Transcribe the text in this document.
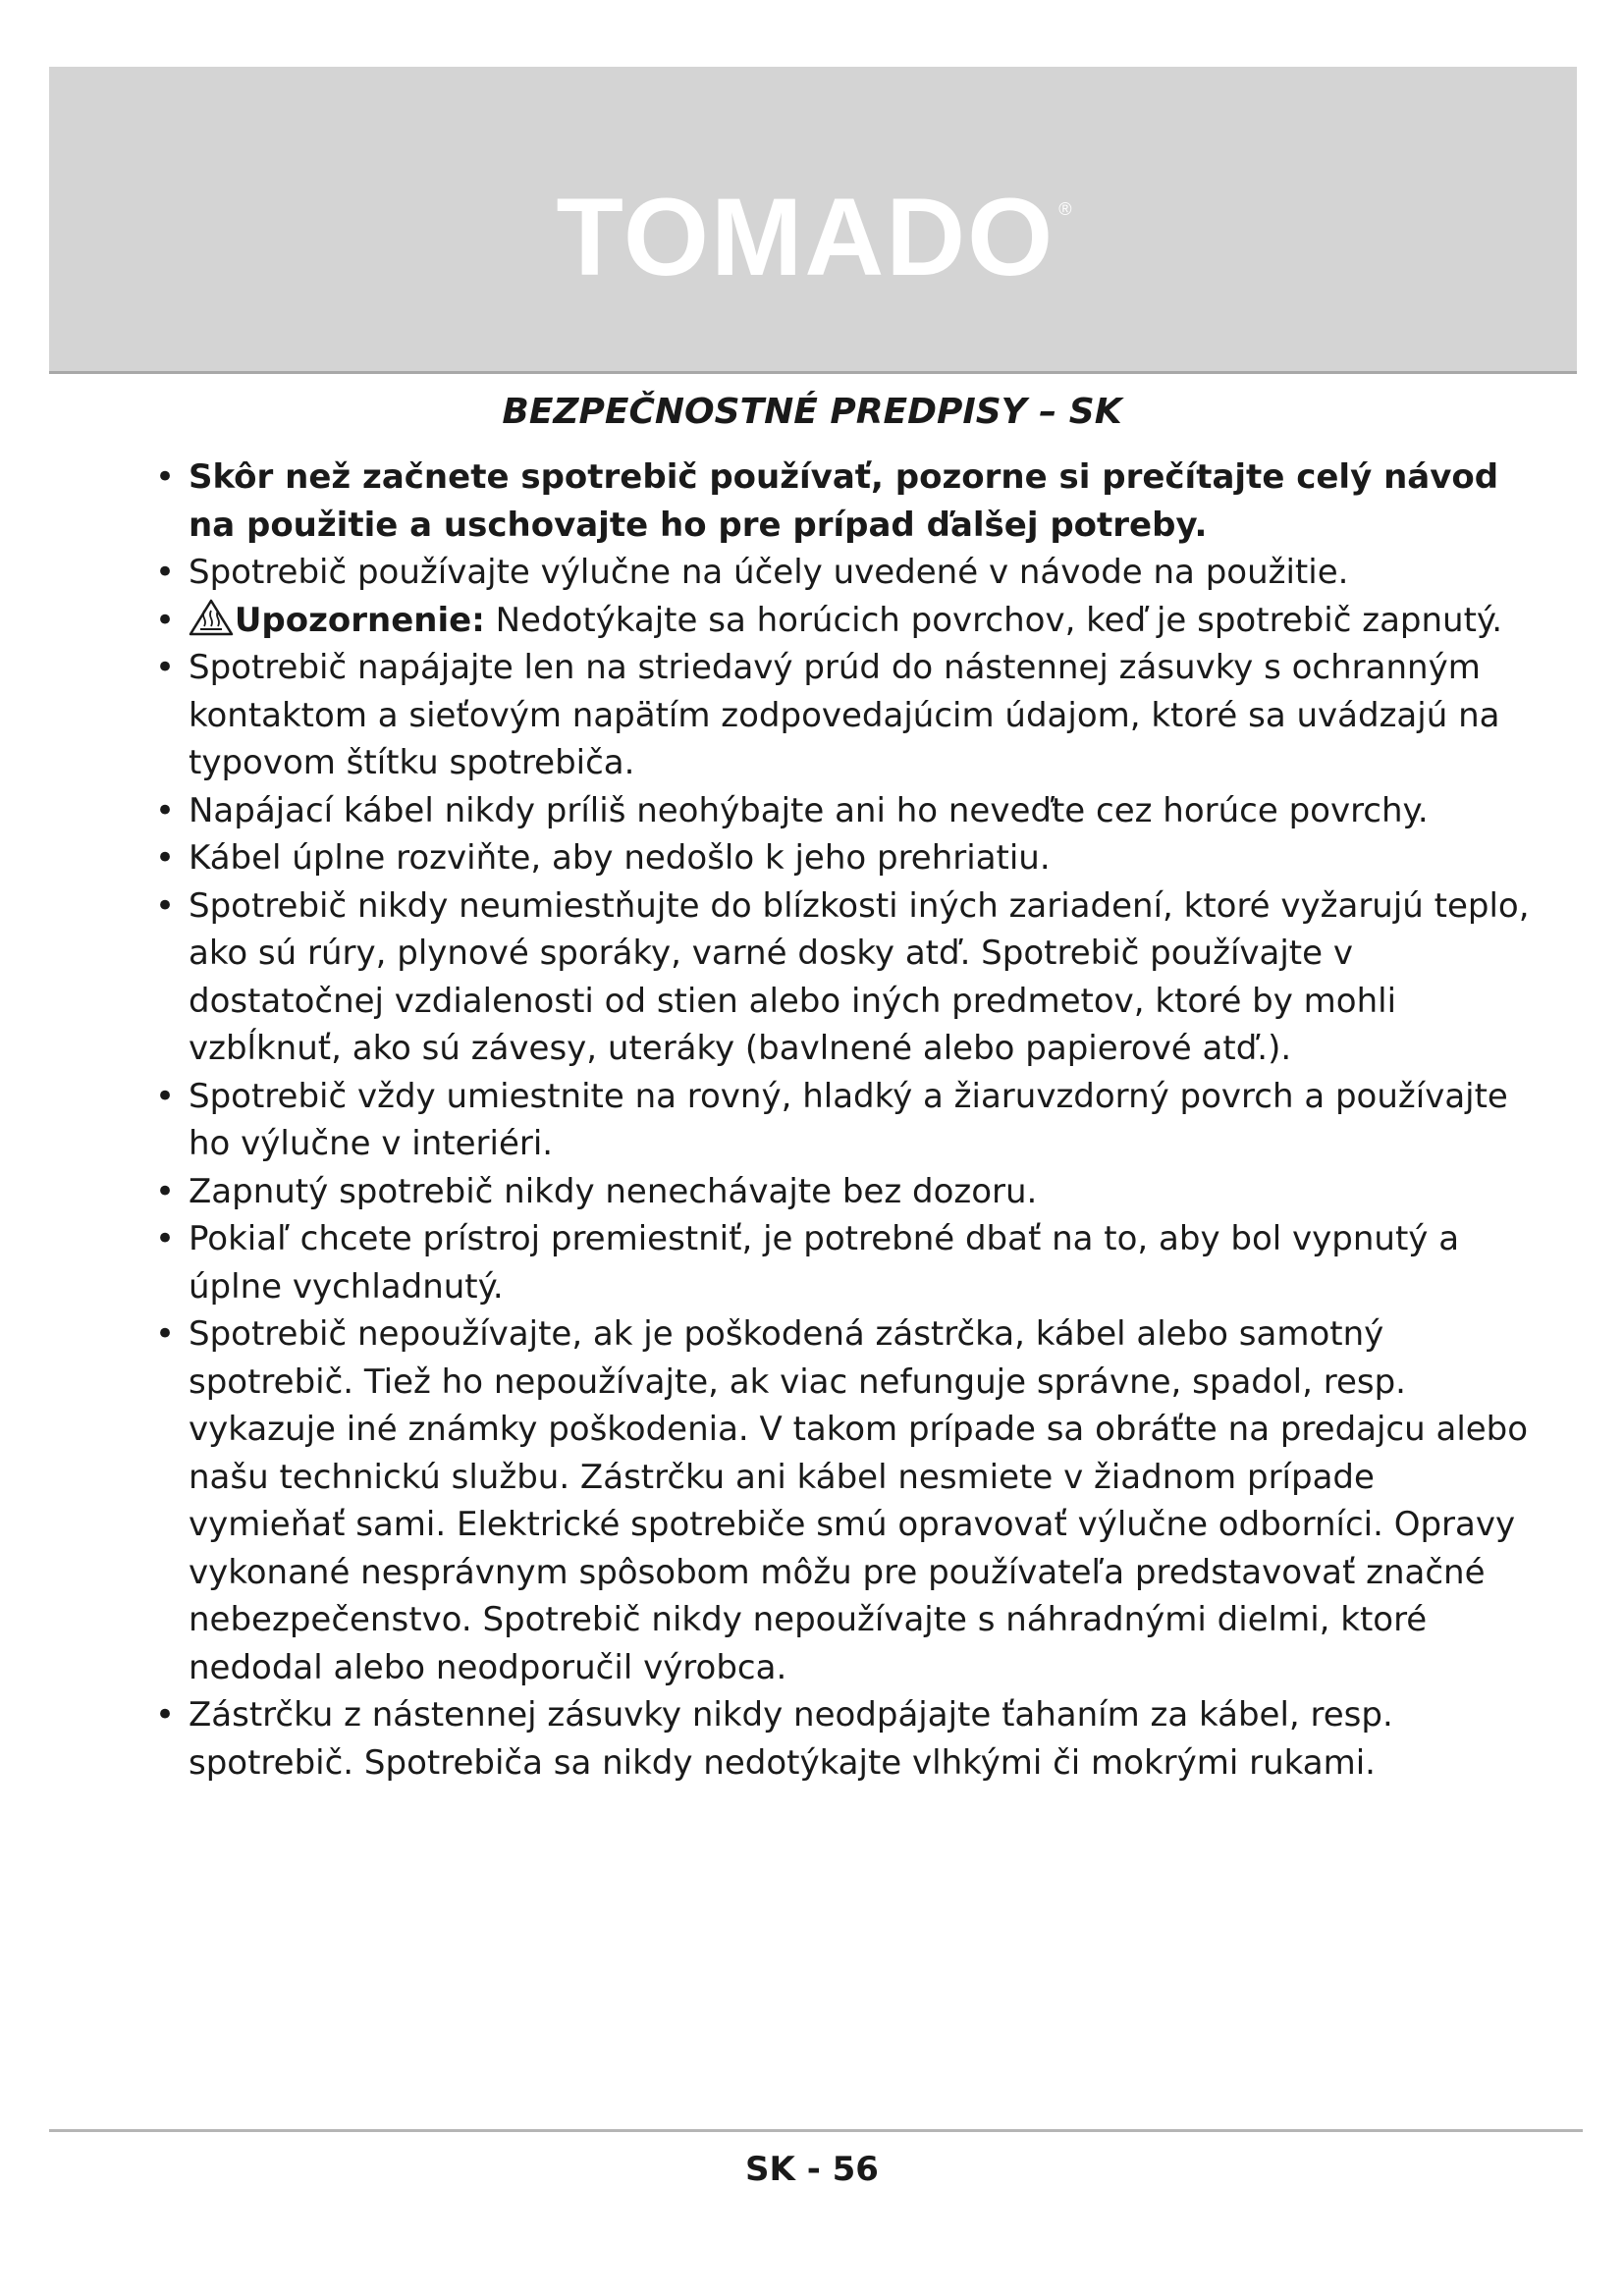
TOMADO ®
BEZPEČNOSTNÉ PREDPISY – SK
• Skôr než začnete spotrebič používať, pozorne si prečítajte celý návod na použitie a uschovajte ho pre prípad ďalšej potreby.
• Spotrebič používajte výlučne na účely uvedené v návode na použitie.
• Upozornenie: Nedotýkajte sa horúcich povrchov, keď je spotrebič zapnutý.
• Spotrebič napájajte len na striedavý prúd do nástennej zásuvky s ochranným kontaktom a sieťovým napätím zodpovedajúcim údajom, ktoré sa uvádzajú na typovom štítku spotrebiča.
• Napájací kábel nikdy príliš neohýbajte ani ho neveďte cez horúce povrchy.
• Kábel úplne rozviňte, aby nedošlo k jeho prehriatiu.
• Spotrebič nikdy neumiestňujte do blízkosti iných zariadení, ktoré vyžarujú teplo, ako sú rúry, plynové sporáky, varné dosky atď. Spotrebič používajte v dostatočnej vzdialenosti od stien alebo iných predmetov, ktoré by mohli vzbĺknuť, ako sú závesy, uteráky (bavlnené alebo papierové atď.).
• Spotrebič vždy umiestnite na rovný, hladký a žiaruvzdorný povrch a používajte ho výlučne v interiéri.
• Zapnutý spotrebič nikdy nenechávajte bez dozoru.
• Pokiaľ chcete prístroj premiestniť, je potrebné dbať na to, aby bol vypnutý a úplne vychladnutý.
• Spotrebič nepoužívajte, ak je poškodená zástrčka, kábel alebo samotný spotrebič. Tiež ho nepoužívajte, ak viac nefunguje správne, spadol, resp. vykazuje iné známky poškodenia. V takom prípade sa obráťte na predajcu alebo našu technickú službu. Zástrčku ani kábel nesmiete v žiadnom prípade vymieňať sami. Elektrické spotrebiče smú opravovať výlučne odborníci. Opravy vykonané nesprávnym spôsobom môžu pre používateľa predstavovať značné nebezpečenstvo. Spotrebič nikdy nepoužívajte s náhradnými dielmi, ktoré nedodal alebo neodporučil výrobca.
• Zástrčku z nástennej zásuvky nikdy neodpájajte ťahaním za kábel, resp. spotrebič. Spotrebiča sa nikdy nedotýkajte vlhkými či mokrými rukami.
SK - 56
